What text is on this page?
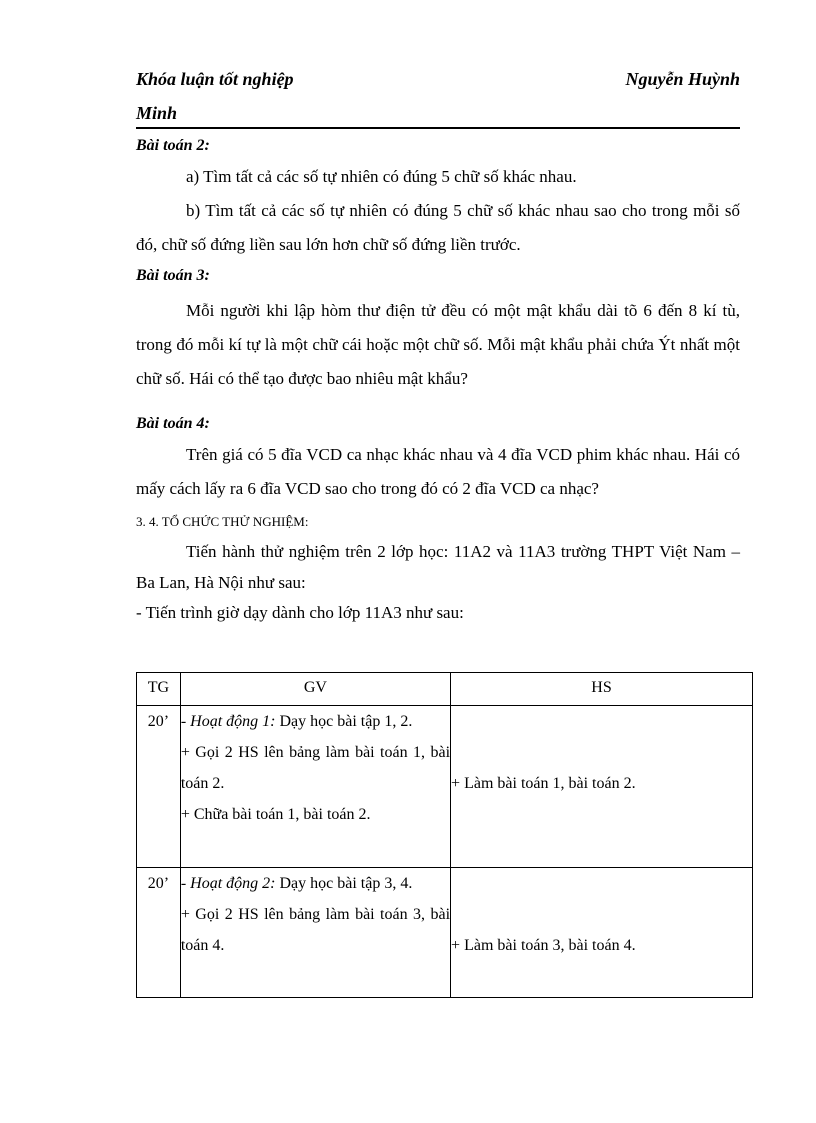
Khóa luận tốt nghiệp	Nguyễn Huỳnh
Minh
Bài toán 2:

a) Tìm tất cả các số tự nhiên có đúng 5 chữ số khác nhau.

b) Tìm tất cả các số tự nhiên có đúng 5 chữ số khác nhau sao cho trong mỗi số đó, chữ số đứng liền sau lớn hơn chữ số đứng liền trước.

Bài toán 3:

Mỗi người khi lập hòm thư điện tử đều có một mật khẩu dài tõ 6 đến 8 kí tù, trong đó mỗi kí tự là một chữ cái hoặc một chữ số. Mỗi mật khẩu phải chứa Ýt nhất một chữ số. Hái có thể tạo được bao nhiêu mật khẩu?

Bài toán 4:

Trên giá có 5 đĩa VCD ca nhạc khác nhau và 4 đĩa VCD phim khác nhau. Hái có mấy cách lấy ra 6 đĩa VCD sao cho trong đó có 2 đĩa VCD ca nhạc?

3. 4. TỔ CHỨC THỬ NGHIỆM:

Tiến hành thử nghiệm trên 2 lớp học: 11A2 và 11A3 trường THPT Việt Nam – Ba Lan, Hà Nội như sau:

- Tiến trình giờ dạy dành cho lớp 11A3 như sau:

TG	GV	HS

20’	- Hoạt động 1: Dạy học bài tập 1, 2.
+ Gọi 2 HS lên bảng làm bài toán 1, bài toán 2.
+ Chữa bài toán 1, bài toán 2.	+ Làm bài toán 1, bài toán 2.

20’	- Hoạt động 2: Dạy học bài tập 3, 4.
+ Gọi 2 HS lên bảng làm bài toán 3, bài toán 4.	+ Làm bài toán 3, bài toán 4.
